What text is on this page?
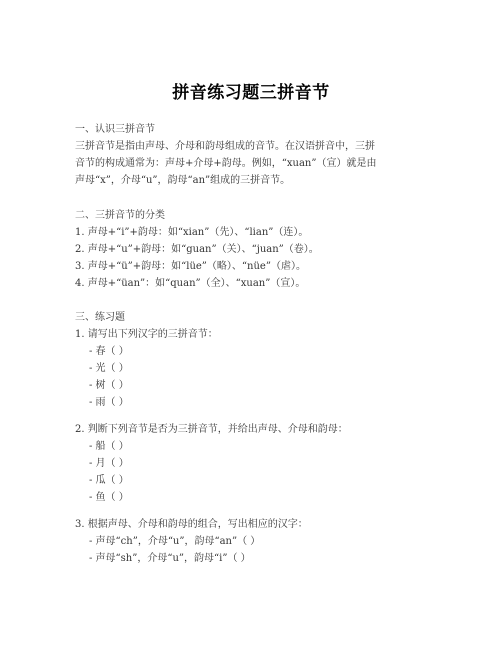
拼音练习题三拼音节
一、认识三拼音节
三拼音节是指由声母、介母和韵母组成的音节。在汉语拼音中，三拼
音节的构成通常为：声母+介母+韵母。例如，“xuan”（宣）就是由
声母“x”，介母“u”，韵母“an”组成的三拼音节。
二、三拼音节的分类
1. 声母+“i”+韵母：如“xian”（先）、“lian”（连）。
2. 声母+“u”+韵母：如“guan”（关）、“juan”（卷）。
3. 声母+“ü”+韵母：如“lüe”（略）、“nüe”（虐）。
4. 声母+“üan”：如“quan”（全）、“xuan”（宣）。
三、练习题
1. 请写出下列汉字的三拼音节：
- 春（ ）
- 光（ ）
- 树（ ）
- 雨（ ）
2. 判断下列音节是否为三拼音节，并给出声母、介母和韵母：
- 船（ ）
- 月（ ）
- 瓜（ ）
- 鱼（ ）
3. 根据声母、介母和韵母的组合，写出相应的汉字：
- 声母“ch”，介母“u”，韵母“an”（ ）
- 声母“sh”，介母“u”，韵母“i”（ ）
